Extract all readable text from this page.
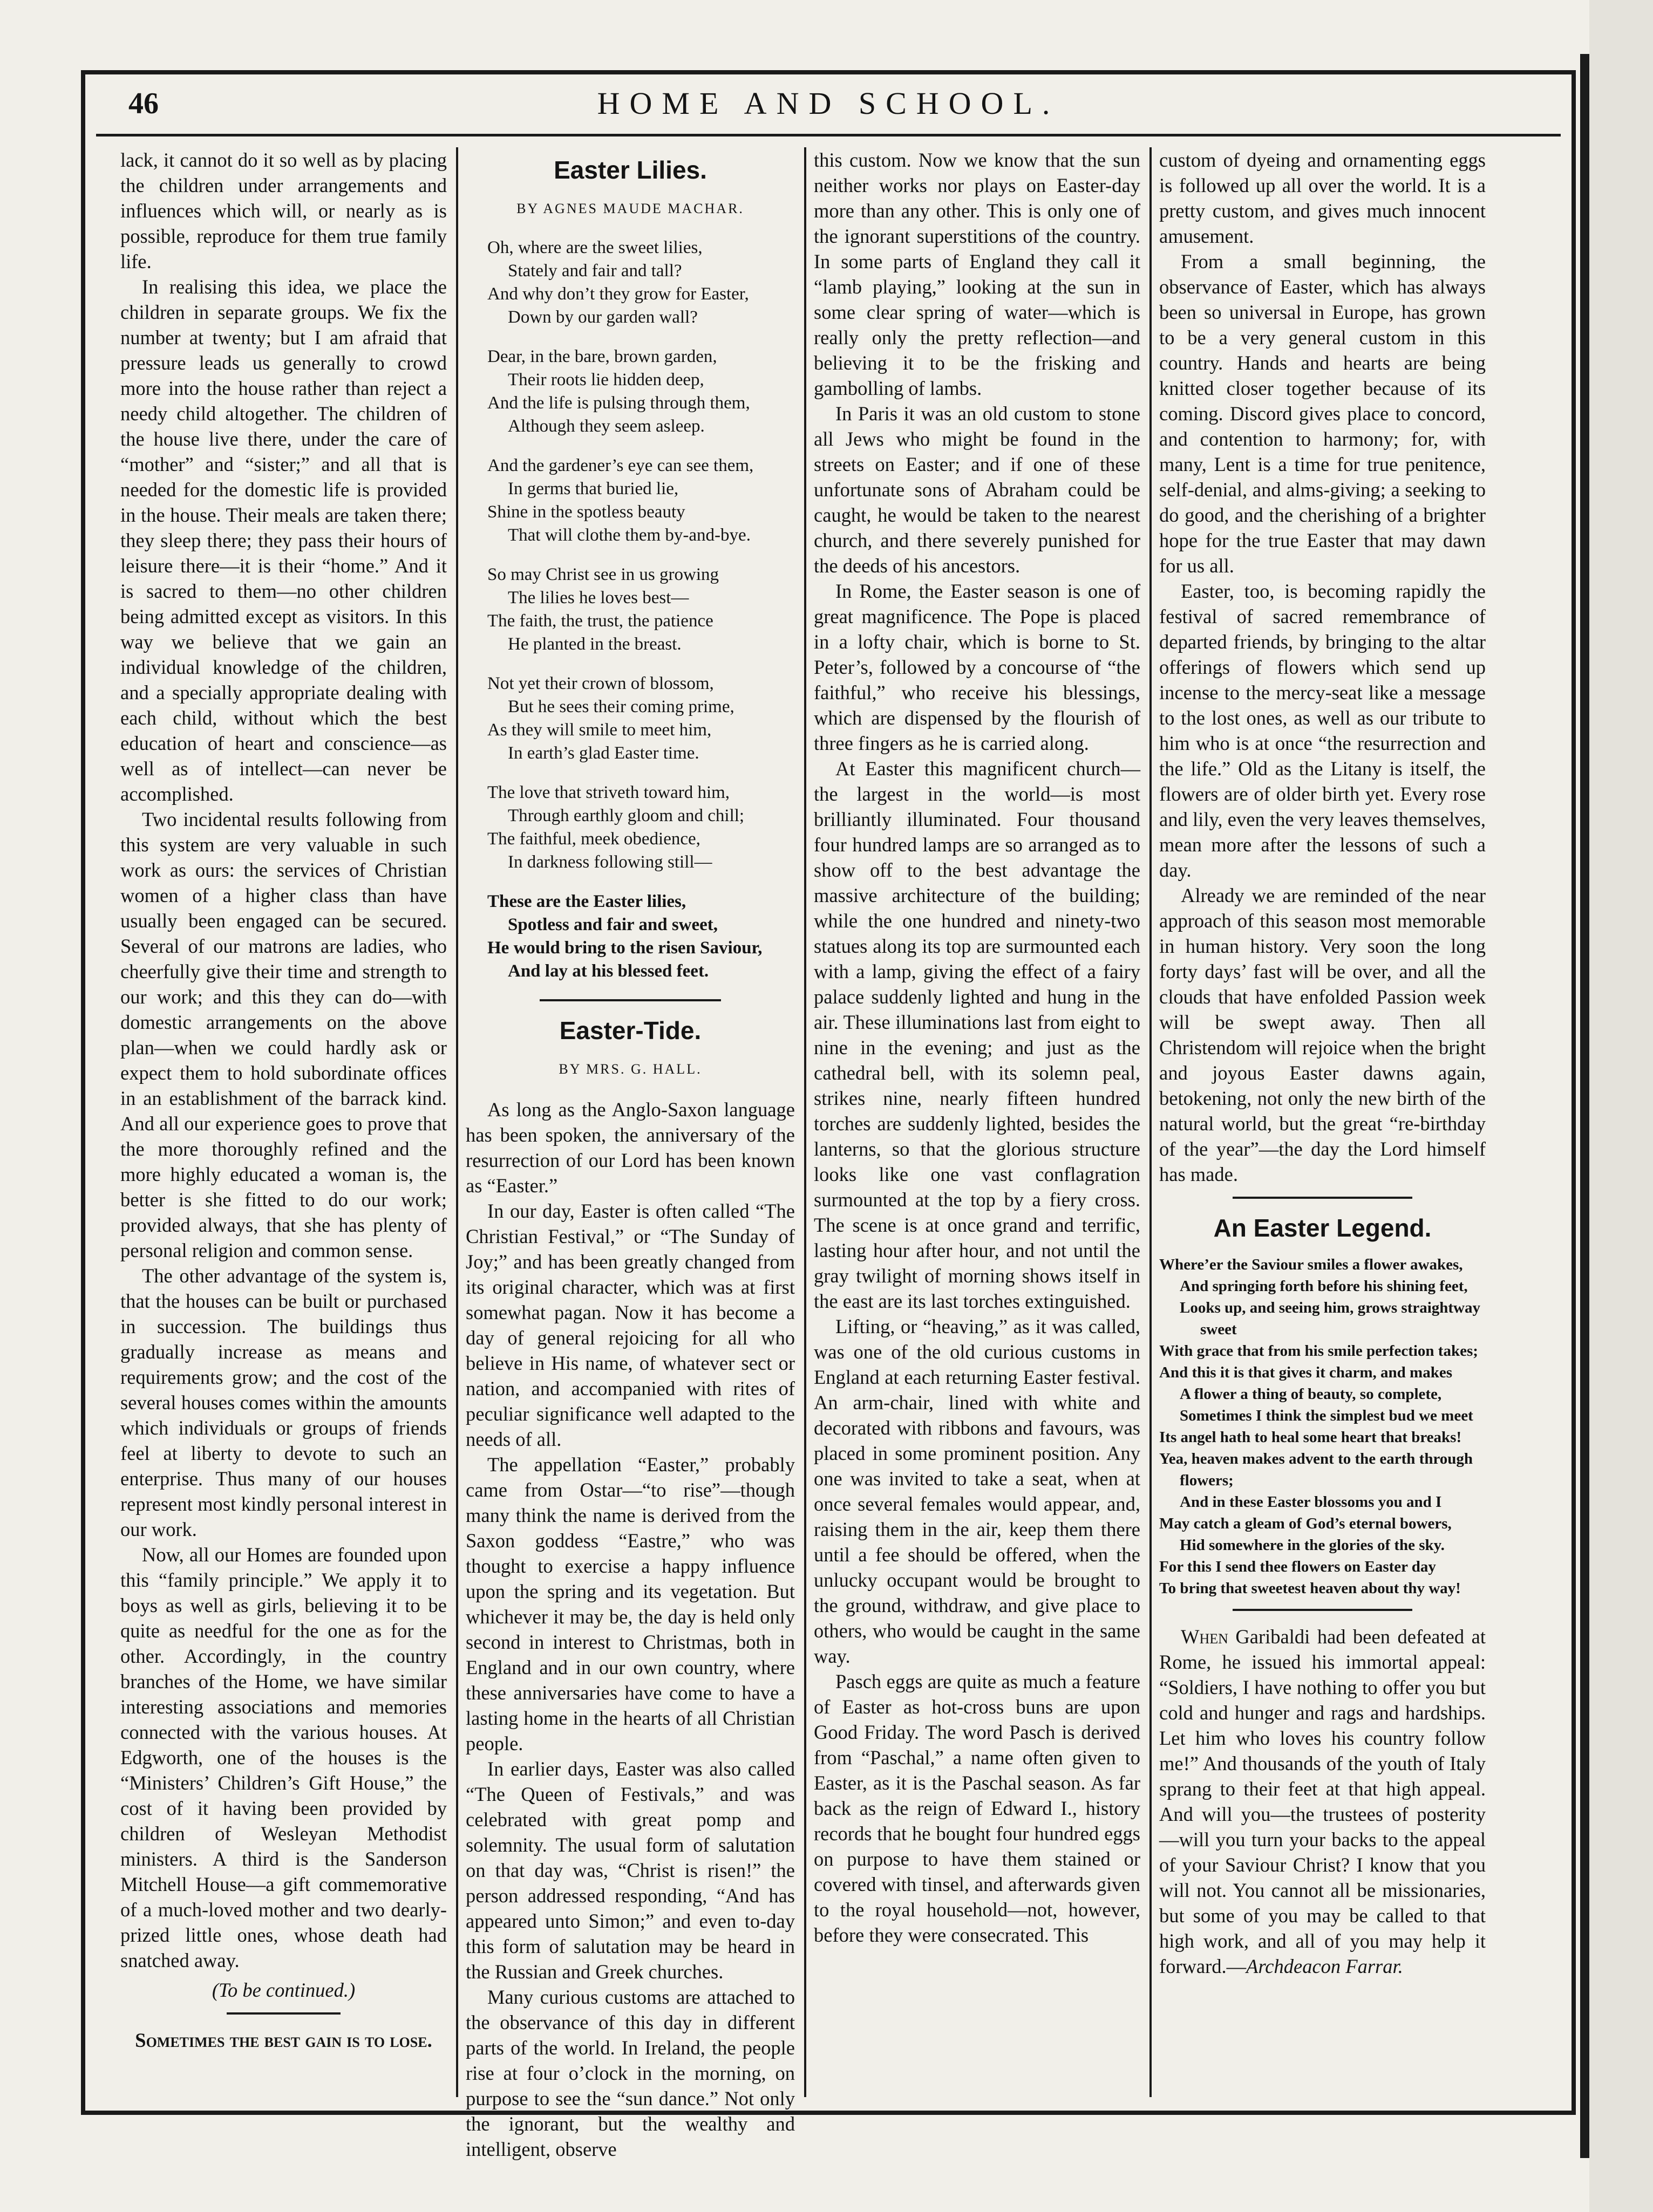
46	HOME AND SCHOOL.

lack, it cannot do it so well as by placing the children under arrangements and influences which will, or nearly as is possible, reproduce for them true family life.

In realising this idea, we place the children in separate groups. We fix the number at twenty; but I am afraid that pressure leads us generally to crowd more into the house rather than reject a needy child altogether. The children of the house live there, under the care of “mother” and “sister;” and all that is needed for the domestic life is provided in the house. Their meals are taken there; they sleep there; they pass their hours of leisure there—it is their “home.” And it is sacred to them—no other children being admitted except as visitors. In this way we believe that we gain an individual knowledge of the children, and a specially appropriate dealing with each child, without which the best education of heart and conscience—as well as of intellect—can never be accomplished.

Two incidental results following from this system are very valuable in such work as ours: the services of Christian women of a higher class than have usually been engaged can be secured. Several of our matrons are ladies, who cheerfully give their time and strength to our work; and this they can do—with domestic arrangements on the above plan—when we could hardly ask or expect them to hold subordinate offices in an establishment of the barrack kind. And all our experience goes to prove that the more thoroughly refined and the more highly educated a woman is, the better is she fitted to do our work; provided always, that she has plenty of personal religion and common sense.

The other advantage of the system is, that the houses can be built or purchased in succession. The buildings thus gradually increase as means and requirements grow; and the cost of the several houses comes within the amounts which individuals or groups of friends feel at liberty to devote to such an enterprise. Thus many of our houses represent most kindly personal interest in our work.

Now, all our Homes are founded upon this “family principle.” We apply it to boys as well as girls, believing it to be quite as needful for the one as for the other. Accordingly, in the country branches of the Home, we have similar interesting associations and memories connected with the various houses. At Edgworth, one of the houses is the “Ministers’ Children’s Gift House,” the cost of it having been provided by children of Wesleyan Methodist ministers. A third is the Sanderson Mitchell House—a gift commemorative of a much-loved mother and two dearly-prized little ones, whose death had snatched away.

(To be continued.)

Sometimes the best gain is to lose.

Easter Lilies.
BY AGNES MAUDE MACHAR.
Oh, where are the sweet lilies,
Stately and fair and tall?
And why don’t they grow for Easter,
Down by our garden wall?
Dear, in the bare, brown garden,
Their roots lie hidden deep,
And the life is pulsing through them,
Although they seem asleep.
And the gardener’s eye can see them,
In germs that buried lie,
Shine in the spotless beauty
That will clothe them by-and-bye.
So may Christ see in us growing
The lilies he loves best—
The faith, the trust, the patience
He planted in the breast.
Not yet their crown of blossom,
But he sees their coming prime,
As they will smile to meet him,
In earth’s glad Easter time.
The love that striveth toward him,
Through earthly gloom and chill;
The faithful, meek obedience,
In darkness following still—
These are the Easter lilies,
Spotless and fair and sweet,
He would bring to the risen Saviour,
And lay at his blessed feet.
Easter-Tide.
BY MRS. G. HALL.

As long as the Anglo-Saxon language has been spoken, the anniversary of the resurrection of our Lord has been known as “Easter.”

In our day, Easter is often called “The Christian Festival,” or “The Sunday of Joy;” and has been greatly changed from its original character, which was at first somewhat pagan. Now it has become a day of general rejoicing for all who believe in His name, of whatever sect or nation, and accompanied with rites of peculiar significance well adapted to the needs of all.

The appellation “Easter,” probably came from Ostar—“to rise”—though many think the name is derived from the Saxon goddess “Eastre,” who was thought to exercise a happy influence upon the spring and its vegetation. But whichever it may be, the day is held only second in interest to Christmas, both in England and in our own country, where these anniversaries have come to have a lasting home in the hearts of all Christian people.

In earlier days, Easter was also called “The Queen of Festivals,” and was celebrated with great pomp and solemnity. The usual form of salutation on that day was, “Christ is risen!” the person addressed responding, “And has appeared unto Simon;” and even to-day this form of salutation may be heard in the Russian and Greek churches.

Many curious customs are attached to the observance of this day in different parts of the world. In Ireland, the people rise at four o’clock in the morning, on purpose to see the “sun dance.” Not only the ignorant, but the wealthy and intelligent, observe

this custom. Now we know that the sun neither works nor plays on Easter-day more than any other. This is only one of the ignorant superstitions of the country. In some parts of England they call it “lamb playing,” looking at the sun in some clear spring of water—which is really only the pretty reflection—and believing it to be the frisking and gambolling of lambs.

In Paris it was an old custom to stone all Jews who might be found in the streets on Easter; and if one of these unfortunate sons of Abraham could be caught, he would be taken to the nearest church, and there severely punished for the deeds of his ancestors.

In Rome, the Easter season is one of great magnificence. The Pope is placed in a lofty chair, which is borne to St. Peter’s, followed by a concourse of “the faithful,” who receive his blessings, which are dispensed by the flourish of three fingers as he is carried along.

At Easter this magnificent church—the largest in the world—is most brilliantly illuminated. Four thousand four hundred lamps are so arranged as to show off to the best advantage the massive architecture of the building; while the one hundred and ninety-two statues along its top are surmounted each with a lamp, giving the effect of a fairy palace suddenly lighted and hung in the air. These illuminations last from eight to nine in the evening; and just as the cathedral bell, with its solemn peal, strikes nine, nearly fifteen hundred torches are suddenly lighted, besides the lanterns, so that the glorious structure looks like one vast conflagration surmounted at the top by a fiery cross. The scene is at once grand and terrific, lasting hour after hour, and not until the gray twilight of morning shows itself in the east are its last torches extinguished.

Lifting, or “heaving,” as it was called, was one of the old curious customs in England at each returning Easter festival. An arm-chair, lined with white and decorated with ribbons and favours, was placed in some prominent position. Any one was invited to take a seat, when at once several females would appear, and, raising them in the air, keep them there until a fee should be offered, when the unlucky occupant would be brought to the ground, withdraw, and give place to others, who would be caught in the same way.

Pasch eggs are quite as much a feature of Easter as hot-cross buns are upon Good Friday. The word Pasch is derived from “Paschal,” a name often given to Easter, as it is the Paschal season. As far back as the reign of Edward I., history records that he bought four hundred eggs on purpose to have them stained or covered with tinsel, and afterwards given to the royal household—not, however, before they were consecrated. This

custom of dyeing and ornamenting eggs is followed up all over the world. It is a pretty custom, and gives much innocent amusement.

From a small beginning, the observance of Easter, which has always been so universal in Europe, has grown to be a very general custom in this country. Hands and hearts are being knitted closer together because of its coming. Discord gives place to concord, and contention to harmony; for, with many, Lent is a time for true penitence, self-denial, and alms-giving; a seeking to do good, and the cherishing of a brighter hope for the true Easter that may dawn for us all.

Easter, too, is becoming rapidly the festival of sacred remembrance of departed friends, by bringing to the altar offerings of flowers which send up incense to the mercy-seat like a message to the lost ones, as well as our tribute to him who is at once “the resurrection and the life.” Old as the Litany is itself, the flowers are of older birth yet. Every rose and lily, even the very leaves themselves, mean more after the lessons of such a day.

Already we are reminded of the near approach of this season most memorable in human history. Very soon the long forty days’ fast will be over, and all the clouds that have enfolded Passion week will be swept away. Then all Christendom will rejoice when the bright and joyous Easter dawns again, betokening, not only the new birth of the natural world, but the great “re-birthday of the year”—the day the Lord himself has made.

An Easter Legend.
Where’er the Saviour smiles a flower awakes,
And springing forth before his shining feet,
Looks up, and seeing him, grows straightway sweet
With grace that from his smile perfection takes;
And this it is that gives it charm, and makes
A flower a thing of beauty, so complete,
Sometimes I think the simplest bud we meet
Its angel hath to heal some heart that breaks!
Yea, heaven makes advent to the earth through flowers;
And in these Easter blossoms you and I
May catch a gleam of God’s eternal bowers,
Hid somewhere in the glories of the sky.
For this I send thee flowers on Easter day
To bring that sweetest heaven about thy way!

When Garibaldi had been defeated at Rome, he issued his immortal appeal: “Soldiers, I have nothing to offer you but cold and hunger and rags and hardships. Let him who loves his country follow me!” And thousands of the youth of Italy sprang to their feet at that high appeal. And will you—the trustees of posterity—will you turn your backs to the appeal of your Saviour Christ? I know that you will not. You cannot all be missionaries, but some of you may be called to that high work, and all of you may help it forward.—Archdeacon Farrar.
